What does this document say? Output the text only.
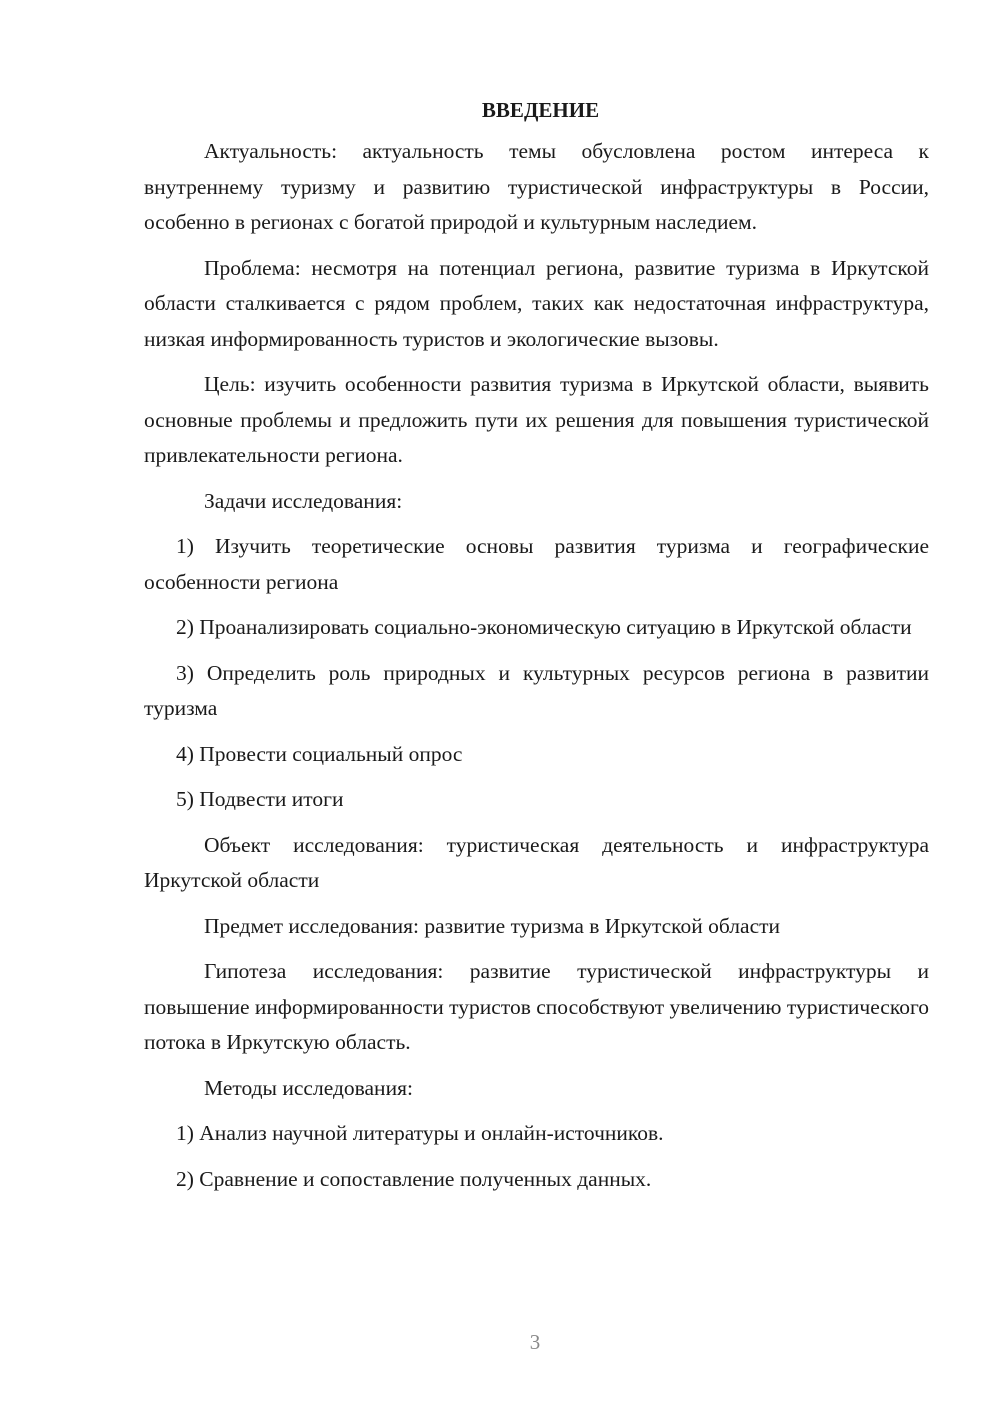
ВВЕДЕНИЕ

Актуальность: актуальность темы обусловлена ростом интереса к внутреннему туризму и развитию туристической инфраструктуры в России, особенно в регионах с богатой природой и культурным наследием.

Проблема: несмотря на потенциал региона, развитие туризма в Иркутской области сталкивается с рядом проблем, таких как недостаточная инфраструктура, низкая информированность туристов и экологические вызовы.

Цель: изучить особенности развития туризма в Иркутской области, выявить основные проблемы и предложить пути их решения для повышения туристической привлекательности региона.

Задачи исследования:

1) Изучить теоретические основы развития туризма и географические особенности региона

2) Проанализировать социально-экономическую ситуацию в Иркутской области

3) Определить роль природных и культурных ресурсов региона в развитии туризма

4) Провести социальный опрос

5) Подвести итоги

Объект исследования: туристическая деятельность и инфраструктура Иркутской области

Предмет исследования: развитие туризма в Иркутской области

Гипотеза исследования: развитие туристической инфраструктуры и повышение информированности туристов способствуют увеличению туристического потока в Иркутскую область.

Методы исследования:

1) Анализ научной литературы и онлайн-источников.

2) Сравнение и сопоставление полученных данных.

3
